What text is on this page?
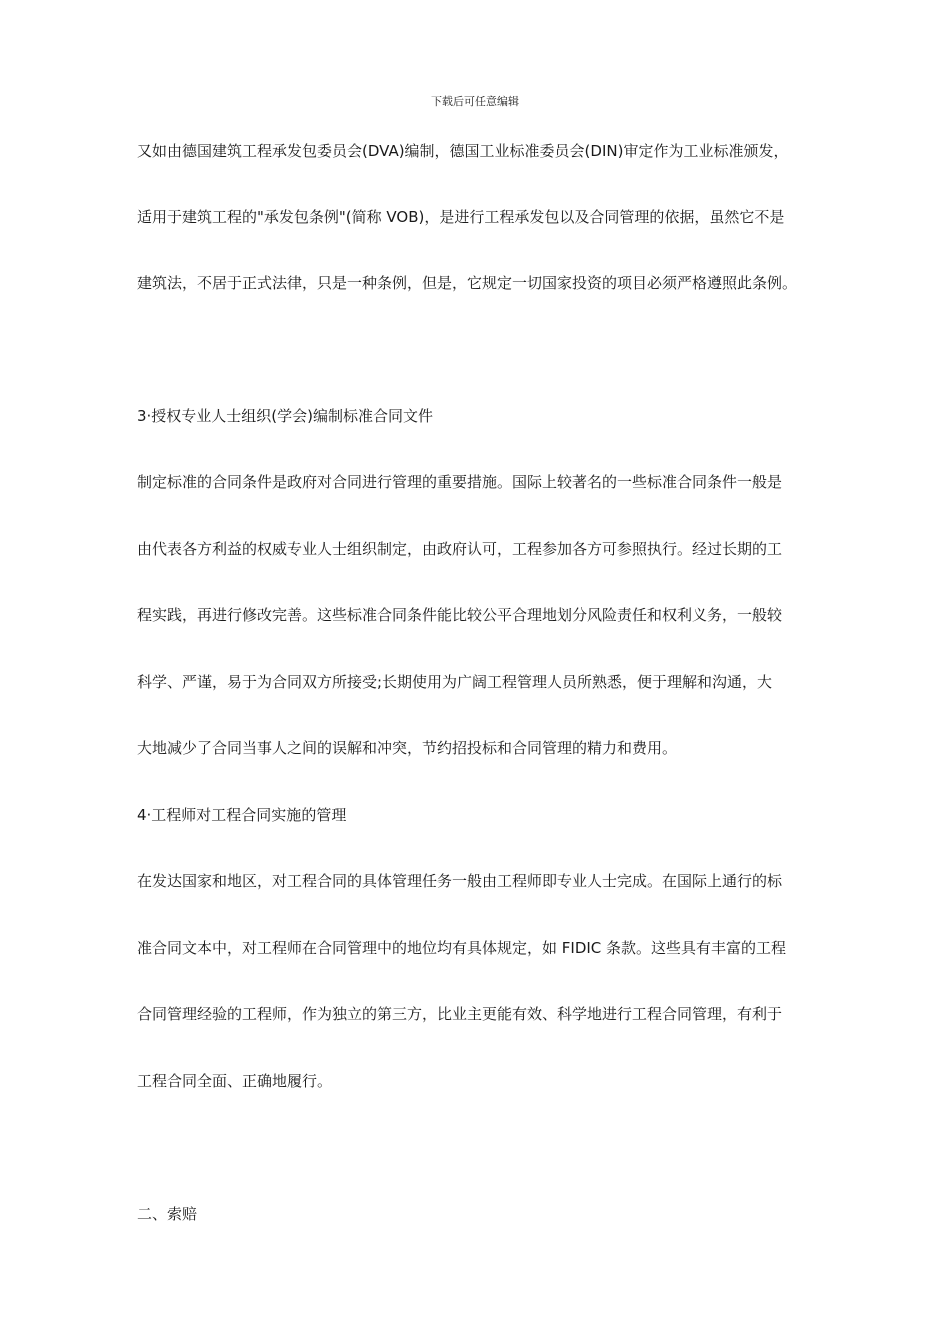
下载后可任意编辑
又如由德国建筑工程承发包委员会(DVA)编制，德国工业标准委员会(DIN)审定作为工业标准颁发，
适用于建筑工程的"承发包条例"(简称 VOB)，是进行工程承发包以及合同管理的依据，虽然它不是
建筑法，不居于正式法律，只是一种条例，但是，它规定一切国家投资的项目必须严格遵照此条例。
3·授权专业人士组织(学会)编制标准合同文件
制定标准的合同条件是政府对合同进行管理的重要措施。国际上较著名的一些标准合同条件一般是
由代表各方利益的权威专业人士组织制定，由政府认可，工程参加各方可参照执行。经过长期的工
程实践，再进行修改完善。这些标准合同条件能比较公平合理地划分风险责任和权利义务，一般较
科学、严谨，易于为合同双方所接受;长期使用为广阔工程管理人员所熟悉，便于理解和沟通，大
大地减少了合同当事人之间的误解和冲突，节约招投标和合同管理的精力和费用。
4·工程师对工程合同实施的管理
在发达国家和地区，对工程合同的具体管理任务一般由工程师即专业人士完成。在国际上通行的标
准合同文本中，对工程师在合同管理中的地位均有具体规定，如 FIDIC 条款。这些具有丰富的工程
合同管理经验的工程师，作为独立的第三方，比业主更能有效、科学地进行工程合同管理，有利于
工程合同全面、正确地履行。
二、索赔
